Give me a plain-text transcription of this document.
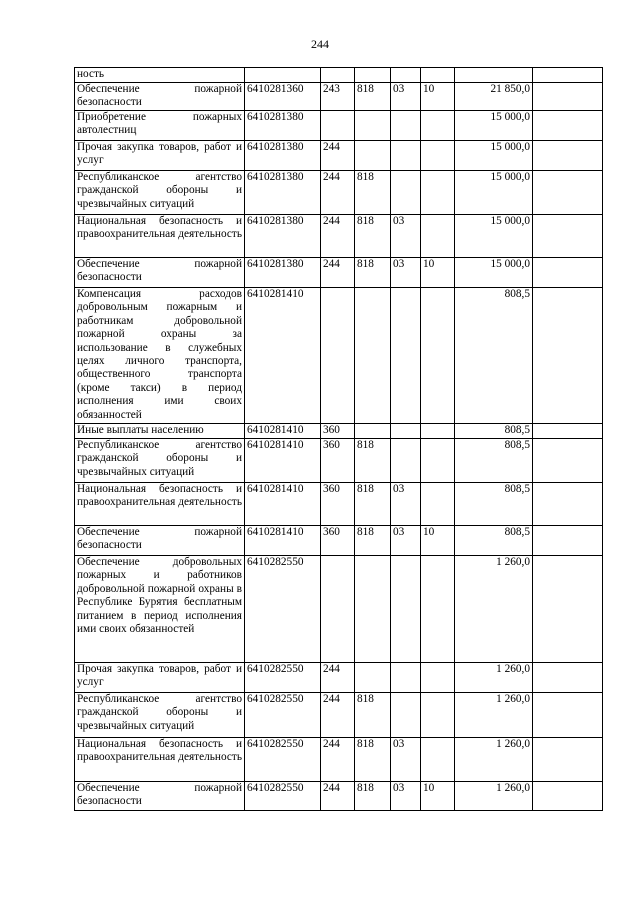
244
ность							
Обеспечение пожарной безопасности	6410281360	243	818	03	10	21 850,0	
Приобретение пожарных автолестниц	6410281380					15 000,0	
Прочая закупка товаров, работ и услуг	6410281380	244				15 000,0	
Республиканское агентство гражданской обороны и чрезвычайных ситуаций	6410281380	244	818			15 000,0	
Национальная безопасность и правоохранительная деятельность	6410281380	244	818	03		15 000,0	
Обеспечение пожарной безопасности	6410281380	244	818	03	10	15 000,0	
Компенсация расходов добровольным пожарным и работникам добровольной пожарной охраны за использование в служебных целях личного транспорта, общественного транспорта (кроме такси) в период исполнения ими своих обязанностей	6410281410					808,5	
Иные выплаты населению	6410281410	360				808,5	
Республиканское агентство гражданской обороны и чрезвычайных ситуаций	6410281410	360	818			808,5	
Национальная безопасность и правоохранительная деятельность	6410281410	360	818	03		808,5	
Обеспечение пожарной безопасности	6410281410	360	818	03	10	808,5	
Обеспечение добровольных пожарных и работников добровольной пожарной охраны в Республике Бурятия бесплатным питанием в период исполнения ими своих обязанностей	6410282550					1 260,0	
Прочая закупка товаров, работ и услуг	6410282550	244				1 260,0	
Республиканское агентство гражданской обороны и чрезвычайных ситуаций	6410282550	244	818			1 260,0	
Национальная безопасность и правоохранительная деятельность	6410282550	244	818	03		1 260,0	
Обеспечение пожарной безопасности	6410282550	244	818	03	10	1 260,0	
